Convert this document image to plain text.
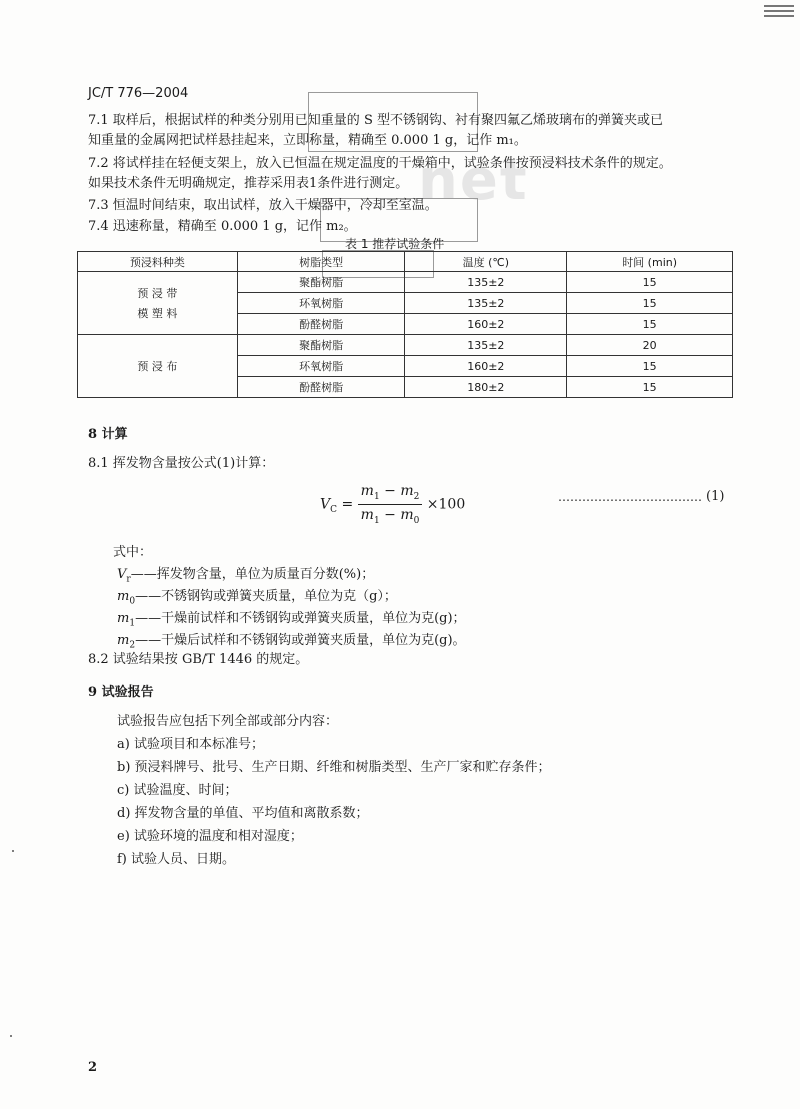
net
JC/T 776—2004
7.1 取样后，根据试样的种类分别用已知重量的 S 型不锈钢钩、衬有聚四氟乙烯玻璃布的弹簧夹或已
知重量的金属网把试样悬挂起来，立即称量，精确至 0.000 1 g，记作 m₁。
7.2 将试样挂在轻便支架上，放入已恒温在规定温度的干燥箱中，试验条件按预浸料技术条件的规定。
如果技术条件无明确规定，推荐采用表1条件进行测定。
7.3 恒温时间结束，取出试样，放入干燥器中，冷却至室温。
7.4 迅速称量，精确至 0.000 1 g，记作 m₂。
表 1 推荐试验条件
预浸料种类	树脂类型	温度 (℃)	时间 (min)

预 浸 带
模 塑 料	聚酯树脂	135±2	15
	环氧树脂	135±2	15
	酚醛树脂	160±2	15
预 浸 布	聚酯树脂	135±2	20
	环氧树脂	160±2	15
	酚醛树脂	180±2	15
8 计算
8.1 挥发物含量按公式(1)计算：
$V_C = \frac{m_1 - m_2}{m_1 - m_0} \times 100$	……………………………… (1)
式中：
$V_r——$挥发物含量，单位为质量百分数(%)；
$m_0——$不锈钢钩或弹簧夹质量，单位为克（g）；
$m_1——$干燥前试样和不锈钢钩或弹簧夹质量，单位为克(g)；
$m_2——$干燥后试样和不锈钢钩或弹簧夹质量，单位为克(g)。
8.2 试验结果按 GB/T 1446 的规定。
9 试验报告
试验报告应包括下列全部或部分内容：
a) 试验项目和本标准号；
b) 预浸料牌号、批号、生产日期、纤维和树脂类型、生产厂家和贮存条件；
c) 试验温度、时间；
d) 挥发物含量的单值、平均值和离散系数；
e) 试验环境的温度和相对湿度；
f) 试验人员、日期。
2
